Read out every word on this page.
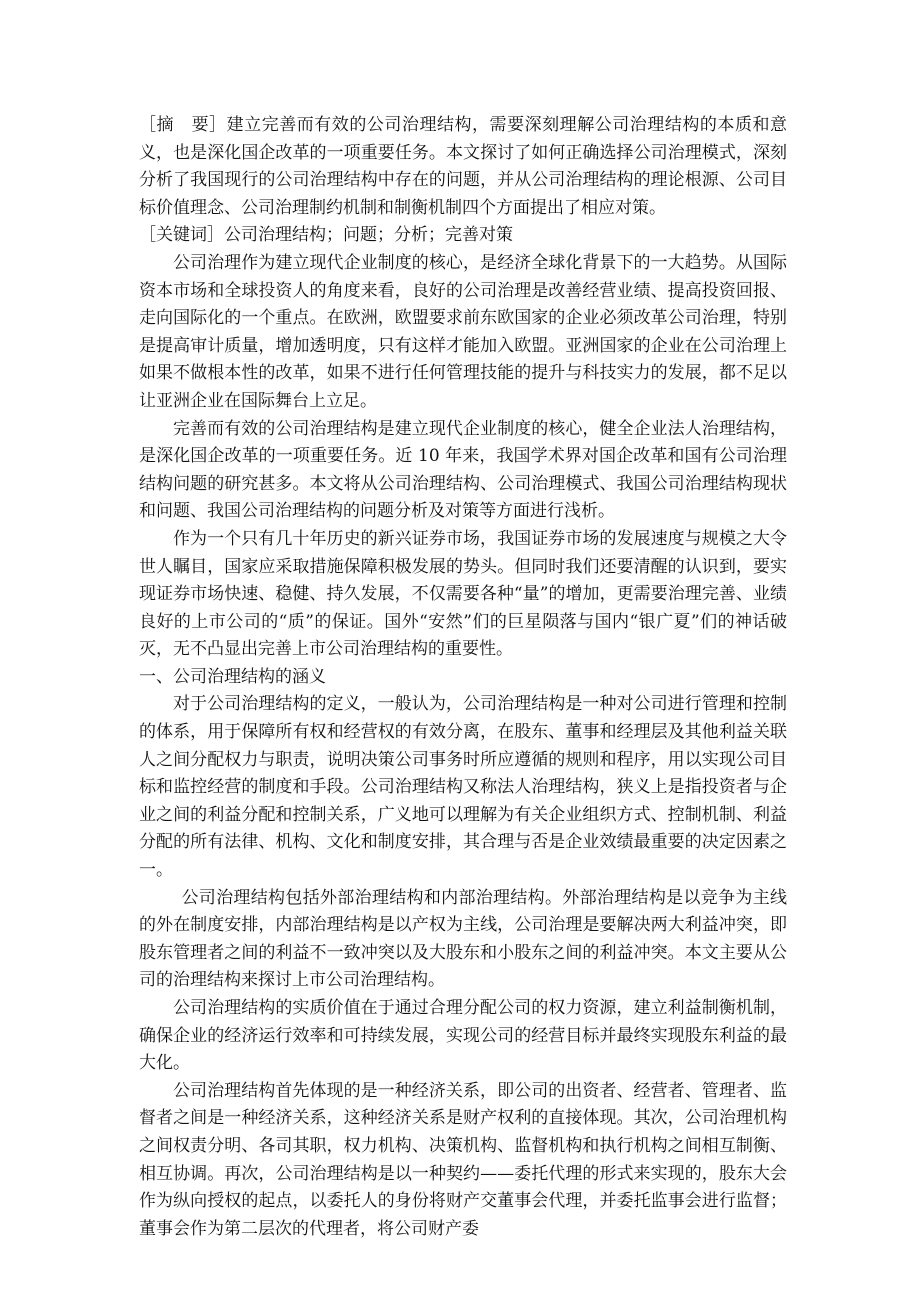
［摘　要］建立完善而有效的公司治理结构，需要深刻理解公司治理结构的本质和意义，也是深化国企改革的一项重要任务。本文探讨了如何正确选择公司治理模式，深刻分析了我国现行的公司治理结构中存在的问题，并从公司治理结构的理论根源、公司目标价值理念、公司治理制约机制和制衡机制四个方面提出了相应对策。

［关键词］公司治理结构；问题；分析；完善对策

公司治理作为建立现代企业制度的核心，是经济全球化背景下的一大趋势。从国际资本市场和全球投资人的角度来看，良好的公司治理是改善经营业绩、提高投资回报、走向国际化的一个重点。在欧洲，欧盟要求前东欧国家的企业必须改革公司治理，特别是提高审计质量，增加透明度，只有这样才能加入欧盟。亚洲国家的企业在公司治理上如果不做根本性的改革，如果不进行任何管理技能的提升与科技实力的发展，都不足以让亚洲企业在国际舞台上立足。

完善而有效的公司治理结构是建立现代企业制度的核心，健全企业法人治理结构，是深化国企改革的一项重要任务。近 10 年来，我国学术界对国企改革和国有公司治理结构问题的研究甚多。本文将从公司治理结构、公司治理模式、我国公司治理结构现状和问题、我国公司治理结构的问题分析及对策等方面进行浅析。

作为一个只有几十年历史的新兴证券市场，我国证券市场的发展速度与规模之大令世人瞩目，国家应采取措施保障积极发展的势头。但同时我们还要清醒的认识到，要实现证券市场快速、稳健、持久发展，不仅需要各种“量”的增加，更需要治理完善、业绩良好的上市公司的“质”的保证。国外“安然”们的巨星陨落与国内“银广夏”们的神话破灭，无不凸显出完善上市公司治理结构的重要性。

一、公司治理结构的涵义

对于公司治理结构的定义，一般认为，公司治理结构是一种对公司进行管理和控制的体系，用于保障所有权和经营权的有效分离，在股东、董事和经理层及其他利益关联人之间分配权力与职责，说明决策公司事务时所应遵循的规则和程序，用以实现公司目标和监控经营的制度和手段。公司治理结构又称法人治理结构，狭义上是指投资者与企业之间的利益分配和控制关系，广义地可以理解为有关企业组织方式、控制机制、利益分配的所有法律、机构、文化和制度安排，其合理与否是企业效绩最重要的决定因素之一。

公司治理结构包括外部治理结构和内部治理结构。外部治理结构是以竞争为主线的外在制度安排，内部治理结构是以产权为主线，公司治理是要解决两大利益冲突，即股东管理者之间的利益不一致冲突以及大股东和小股东之间的利益冲突。本文主要从公司的治理结构来探讨上市公司治理结构。

公司治理结构的实质价值在于通过合理分配公司的权力资源，建立利益制衡机制，确保企业的经济运行效率和可持续发展，实现公司的经营目标并最终实现股东利益的最大化。

公司治理结构首先体现的是一种经济关系，即公司的出资者、经营者、管理者、监督者之间是一种经济关系，这种经济关系是财产权利的直接体现。其次，公司治理机构之间权责分明、各司其职，权力机构、决策机构、监督机构和执行机构之间相互制衡、相互协调。再次，公司治理结构是以一种契约——委托代理的形式来实现的，股东大会作为纵向授权的起点，以委托人的身份将财产交董事会代理，并委托监事会进行监督；董事会作为第二层次的代理者，将公司财产委
